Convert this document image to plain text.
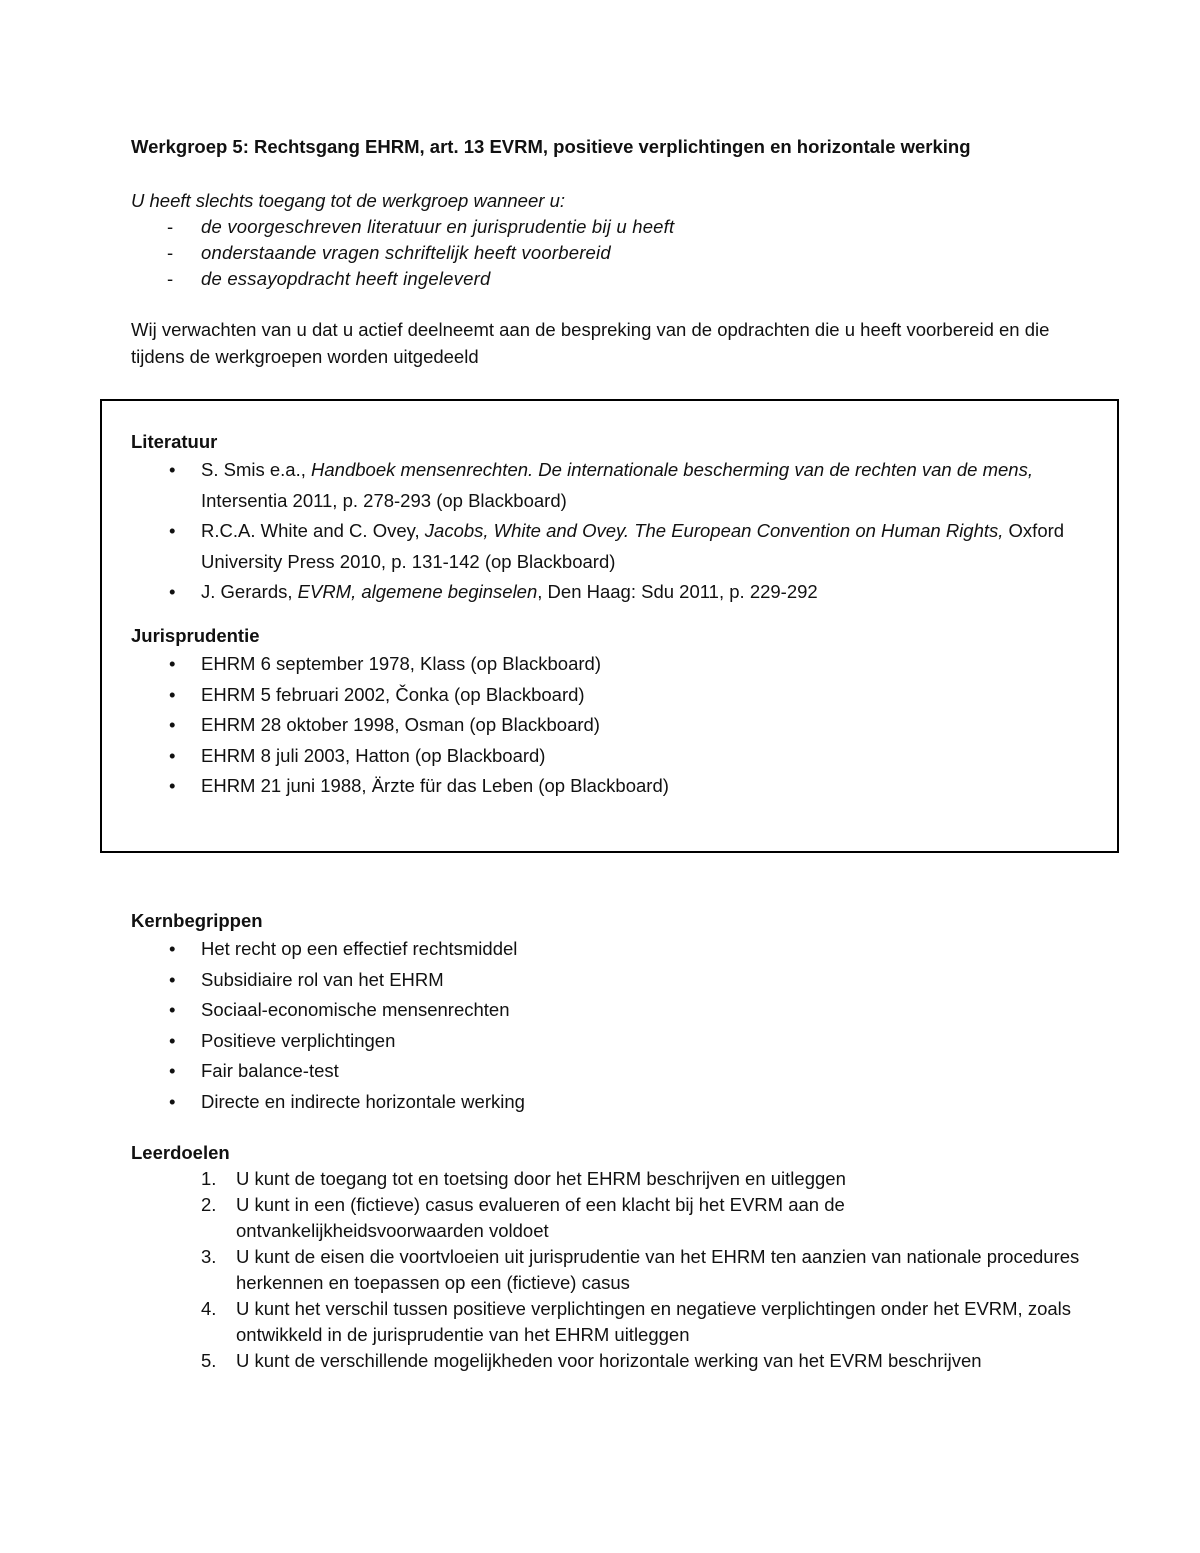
Werkgroep 5: Rechtsgang EHRM, art. 13 EVRM, positieve verplichtingen en horizontale werking
U heeft slechts toegang tot de werkgroep wanneer u:
- de voorgeschreven literatuur en jurisprudentie bij u heeft
- onderstaande vragen schriftelijk heeft voorbereid
- de essayopdracht heeft ingeleverd
Wij verwachten van u dat u actief deelneemt aan de bespreking van de opdrachten die u heeft voorbereid en die tijdens de werkgroepen worden uitgedeeld
Literatuur
• S. Smis e.a., Handboek mensenrechten. De internationale bescherming van de rechten van de mens, Intersentia 2011, p. 278-293 (op Blackboard)
• R.C.A. White and C. Ovey, Jacobs, White and Ovey. The European Convention on Human Rights, Oxford University Press 2010, p. 131-142 (op Blackboard)
• J. Gerards, EVRM, algemene beginselen, Den Haag: Sdu 2011, p. 229-292
Jurisprudentie
• EHRM 6 september 1978, Klass (op Blackboard)
• EHRM 5 februari 2002, Čonka (op Blackboard)
• EHRM 28 oktober 1998, Osman (op Blackboard)
• EHRM 8 juli 2003, Hatton (op Blackboard)
• EHRM 21 juni 1988, Ärzte für das Leben (op Blackboard)
Kernbegrippen
• Het recht op een effectief rechtsmiddel
• Subsidiaire rol van het EHRM
• Sociaal-economische mensenrechten
• Positieve verplichtingen
• Fair balance-test
• Directe en indirecte horizontale werking
Leerdoelen
1. U kunt de toegang tot en toetsing door het EHRM beschrijven en uitleggen
2. U kunt in een (fictieve) casus evalueren of een klacht bij het EVRM aan de ontvankelijkheidsvoorwaarden voldoet
3. U kunt de eisen die voortvloeien uit jurisprudentie van het EHRM ten aanzien van nationale procedures herkennen en toepassen op een (fictieve) casus
4. U kunt het verschil tussen positieve verplichtingen en negatieve verplichtingen onder het EVRM, zoals ontwikkeld in de jurisprudentie van het EHRM uitleggen
5. U kunt de verschillende mogelijkheden voor horizontale werking van het EVRM beschrijven
